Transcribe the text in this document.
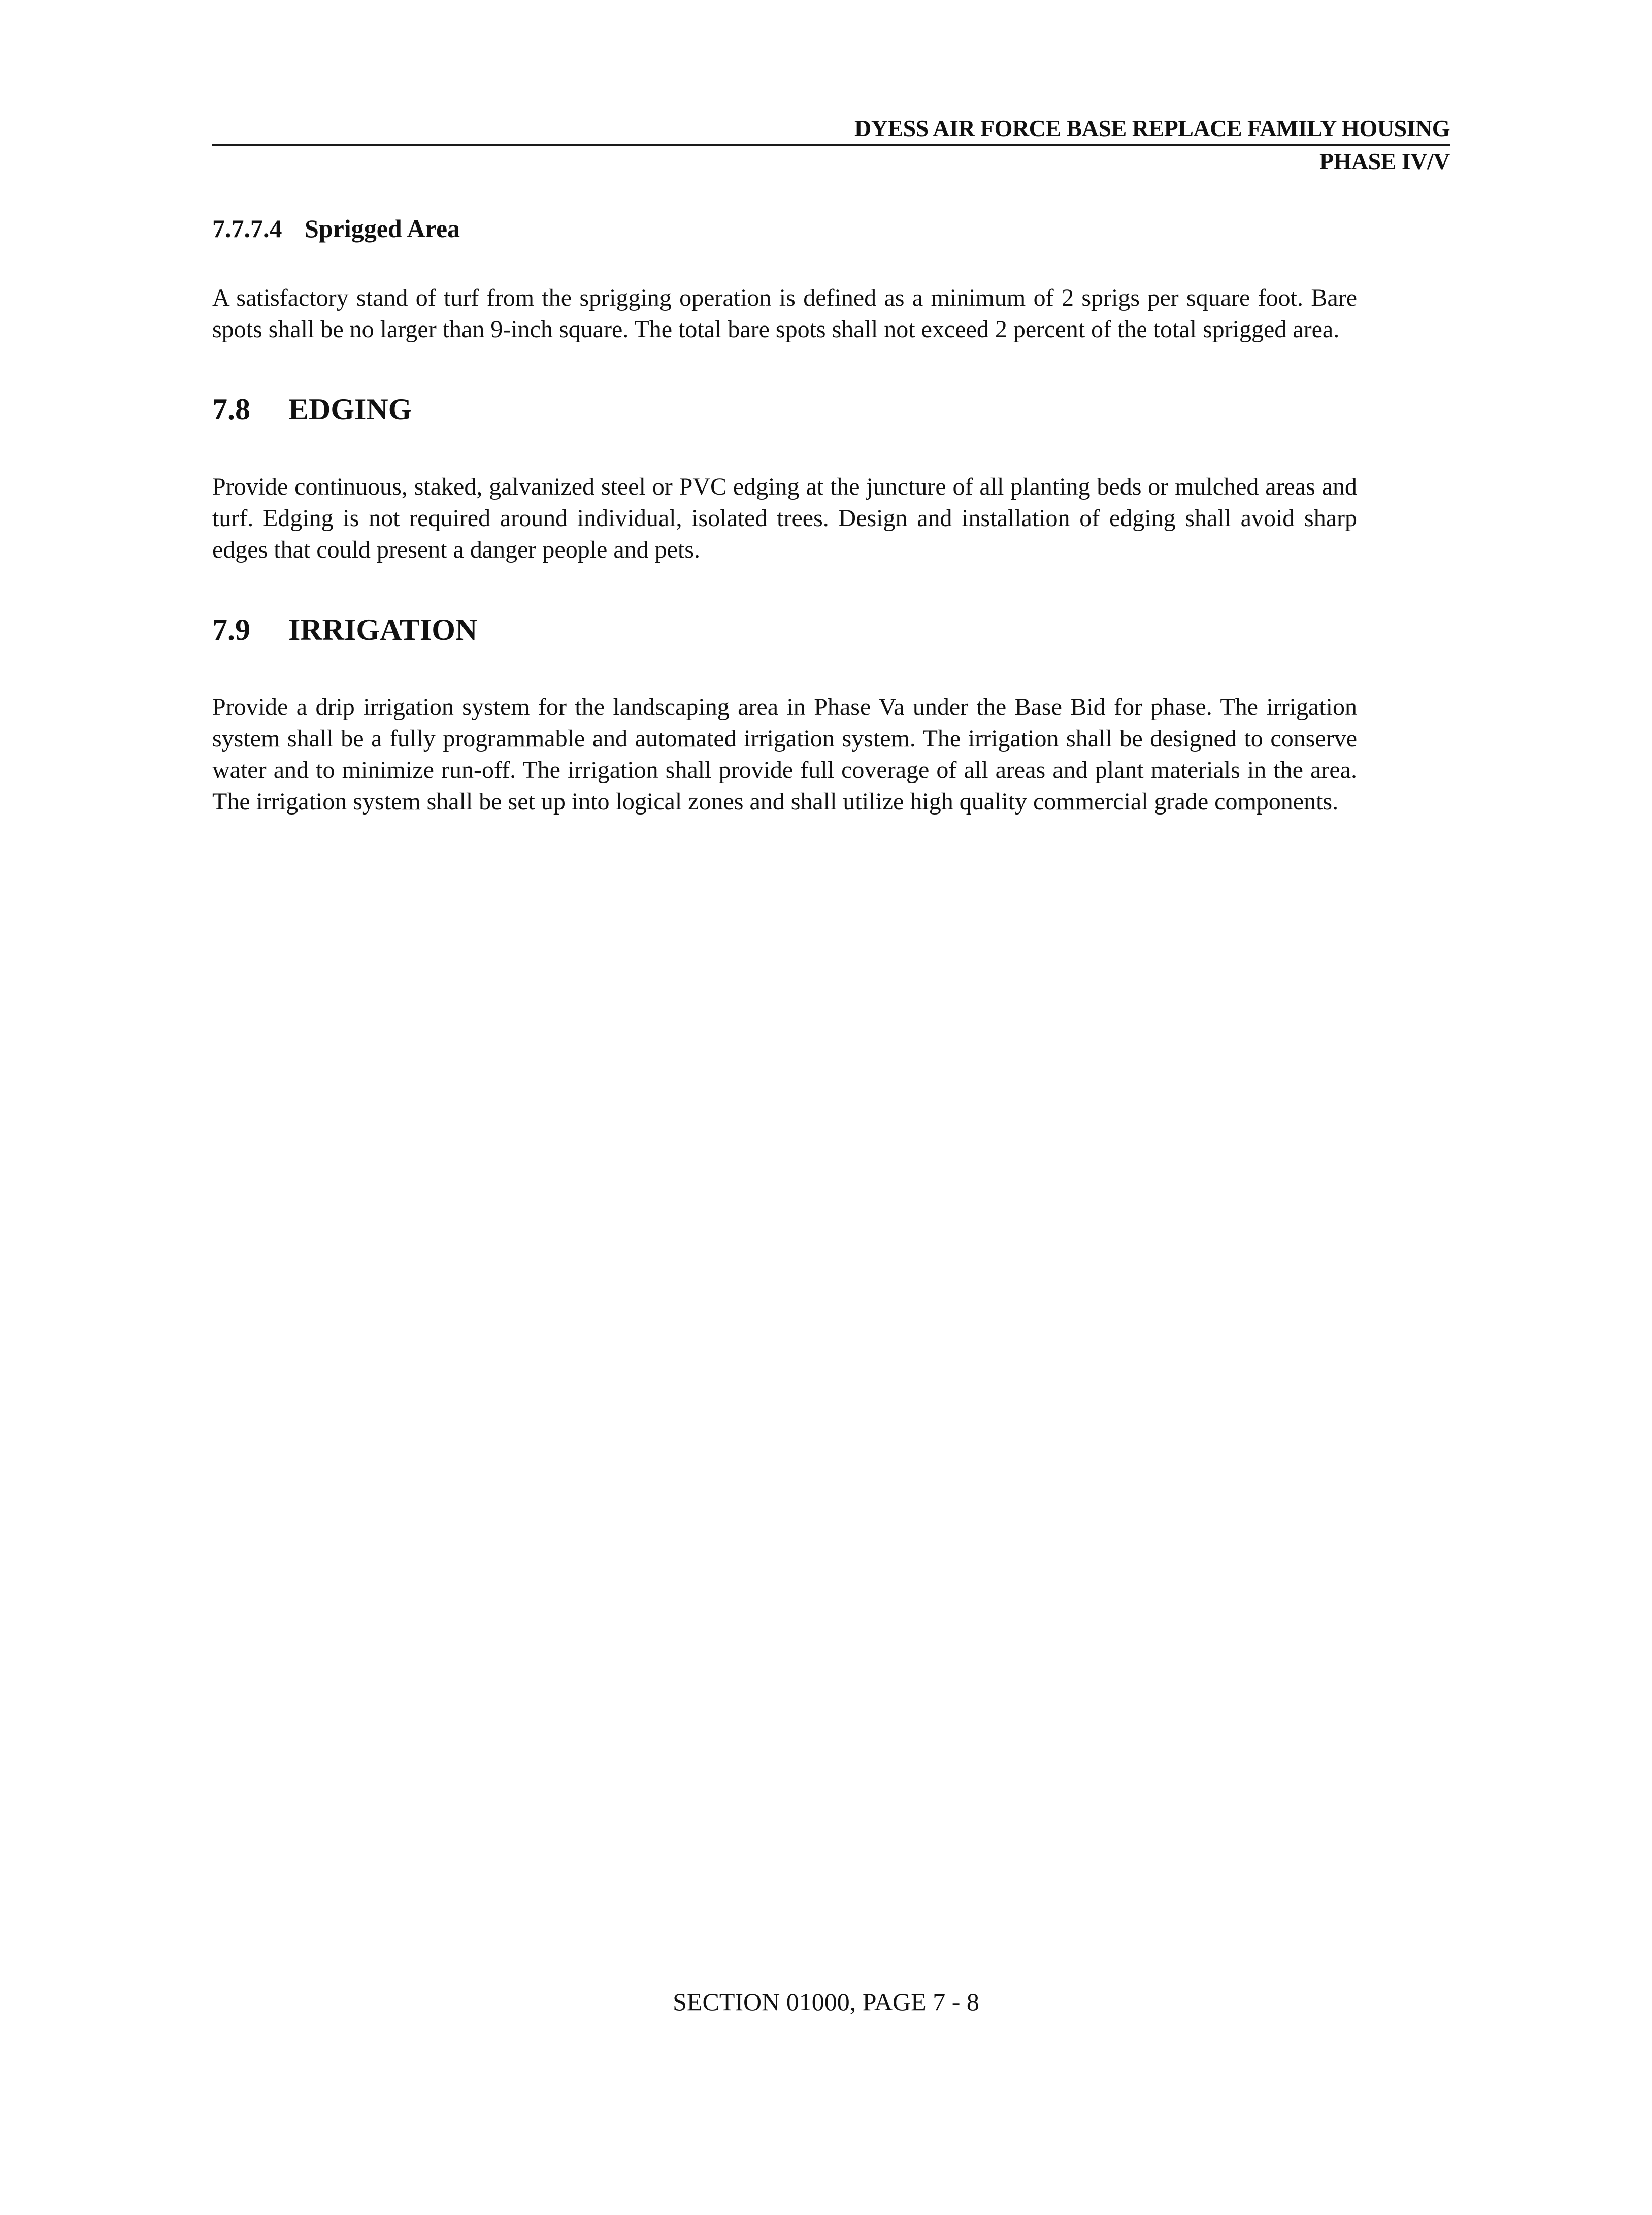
DYESS AIR FORCE BASE REPLACE FAMILY HOUSING
PHASE IV/V
7.7.7.4 Sprigged Area

A satisfactory stand of turf from the sprigging operation is defined as a minimum of 2 sprigs per square foot. Bare spots shall be no larger than 9-inch square. The total bare spots shall not exceed 2 percent of the total sprigged area.

7.8 EDGING

Provide continuous, staked, galvanized steel or PVC edging at the juncture of all planting beds or mulched areas and turf. Edging is not required around individual, isolated trees. Design and installation of edging shall avoid sharp edges that could present a danger people and pets.

7.9 IRRIGATION

Provide a drip irrigation system for the landscaping area in Phase Va under the Base Bid for phase. The irrigation system shall be a fully programmable and automated irrigation system. The irrigation shall be designed to conserve water and to minimize run-off. The irrigation shall provide full coverage of all areas and plant materials in the area. The irrigation system shall be set up into logical zones and shall utilize high quality commercial grade components.

SECTION 01000, PAGE 7 - 8
